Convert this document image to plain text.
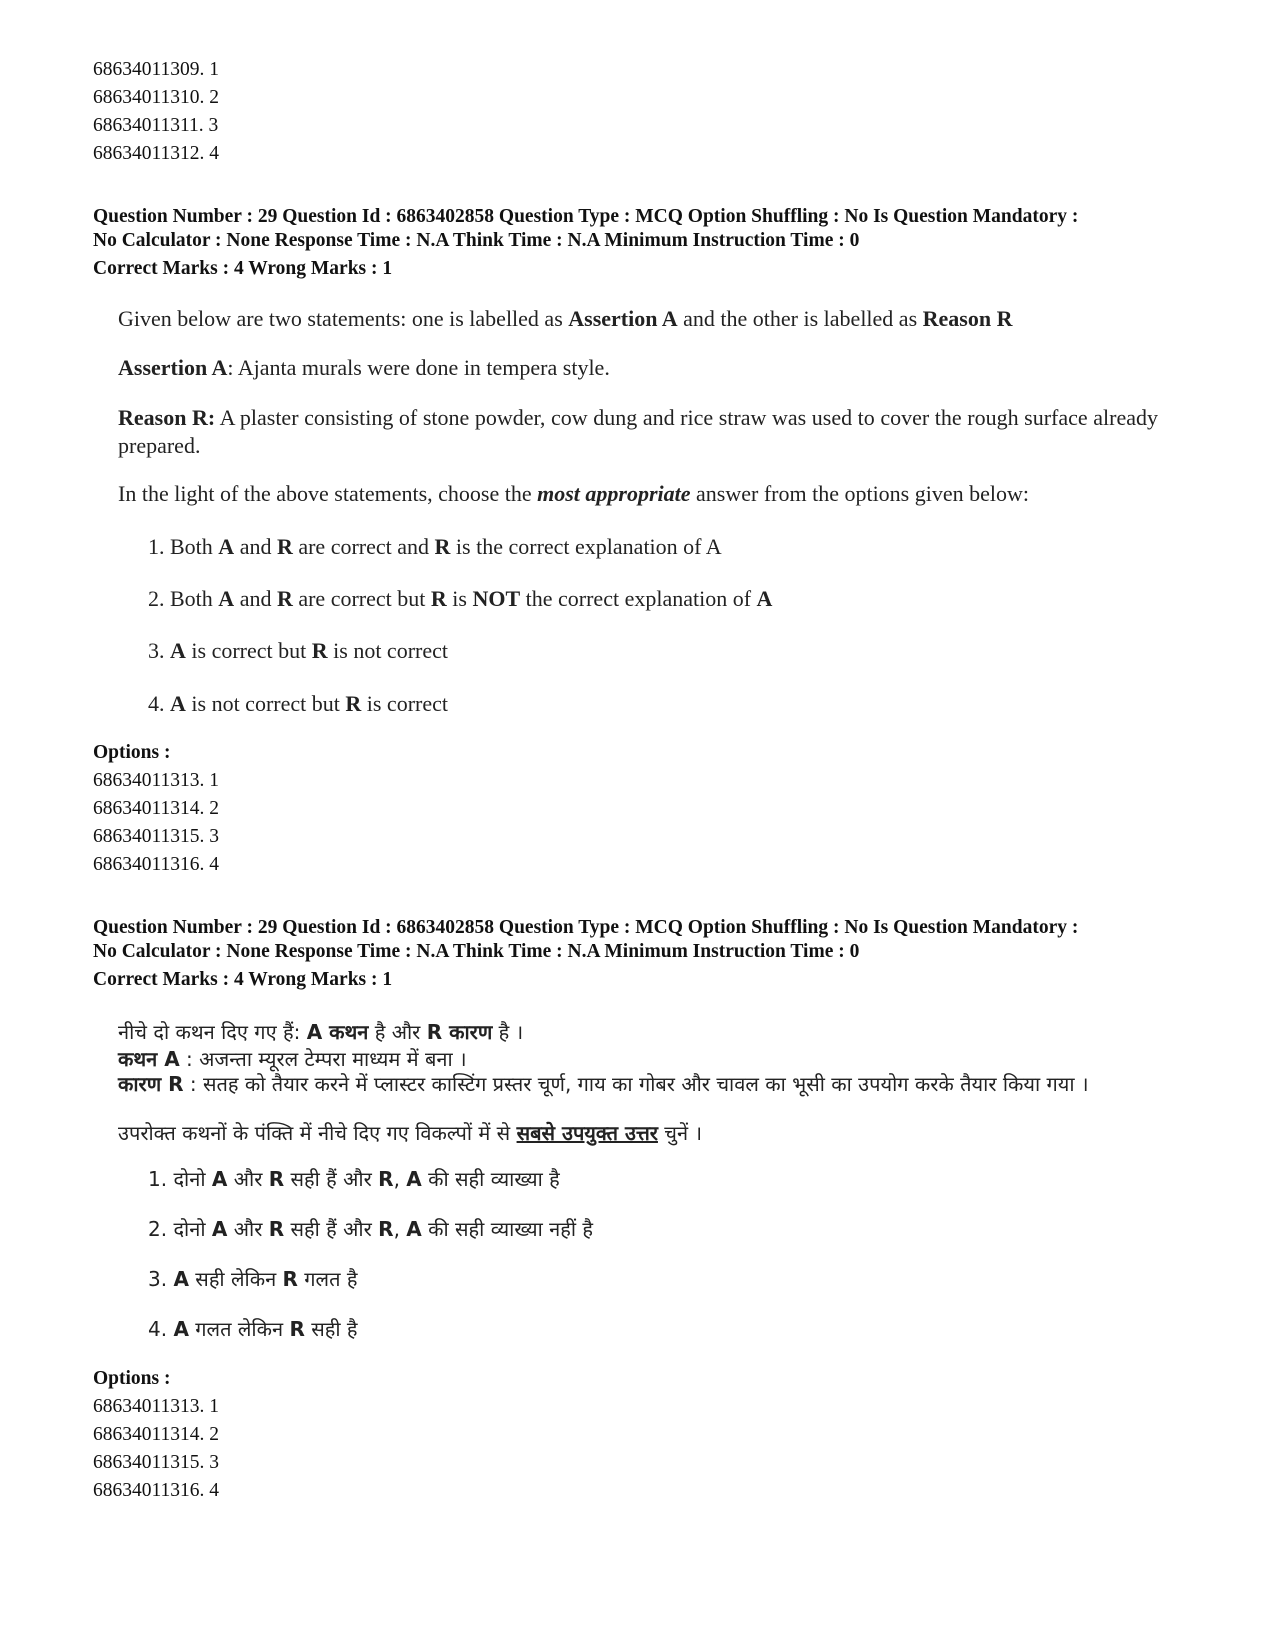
68634011309. 1
68634011310. 2
68634011311. 3
68634011312. 4
Question Number : 29 Question Id : 6863402858 Question Type : MCQ Option Shuffling : No Is Question Mandatory :
No Calculator : None Response Time : N.A Think Time : N.A Minimum Instruction Time : 0
Correct Marks : 4 Wrong Marks : 1
Given below are two statements: one is labelled as Assertion A and the other is labelled as Reason R
Assertion A: Ajanta murals were done in tempera style.
Reason R: A plaster consisting of stone powder, cow dung and rice straw was used to cover the rough surface already prepared.
In the light of the above statements, choose the most appropriate answer from the options given below:
1. Both A and R are correct and R is the correct explanation of A
2. Both A and R are correct but R is NOT the correct explanation of A
3. A is correct but R is not correct
4. A is not correct but R is correct
Options :
68634011313. 1
68634011314. 2
68634011315. 3
68634011316. 4
Question Number : 29 Question Id : 6863402858 Question Type : MCQ Option Shuffling : No Is Question Mandatory :
No Calculator : None Response Time : N.A Think Time : N.A Minimum Instruction Time : 0
Correct Marks : 4 Wrong Marks : 1
नीचे दो कथन दिए गए हैं: A कथन है और R कारण है ।
कथन A : अजन्ता म्यूरल टेम्परा माध्यम में बना ।
कारण R : सतह को तैयार करने में प्लास्टर कास्टिंग प्रस्तर चूर्ण, गाय का गोबर और चावल का भूसी का उपयोग करके तैयार किया गया ।
उपरोक्त कथनों के पंक्ति में नीचे दिए गए विकल्पों में से सबसे उपयुक्त उत्तर चुनें ।
1. दोनो A और R सही हैं और R, A की सही व्याख्या है
2. दोनो A और R सही हैं और R, A की सही व्याख्या नहीं है
3. A सही लेकिन R गलत है
4. A गलत लेकिन R सही है
Options :
68634011313. 1
68634011314. 2
68634011315. 3
68634011316. 4
